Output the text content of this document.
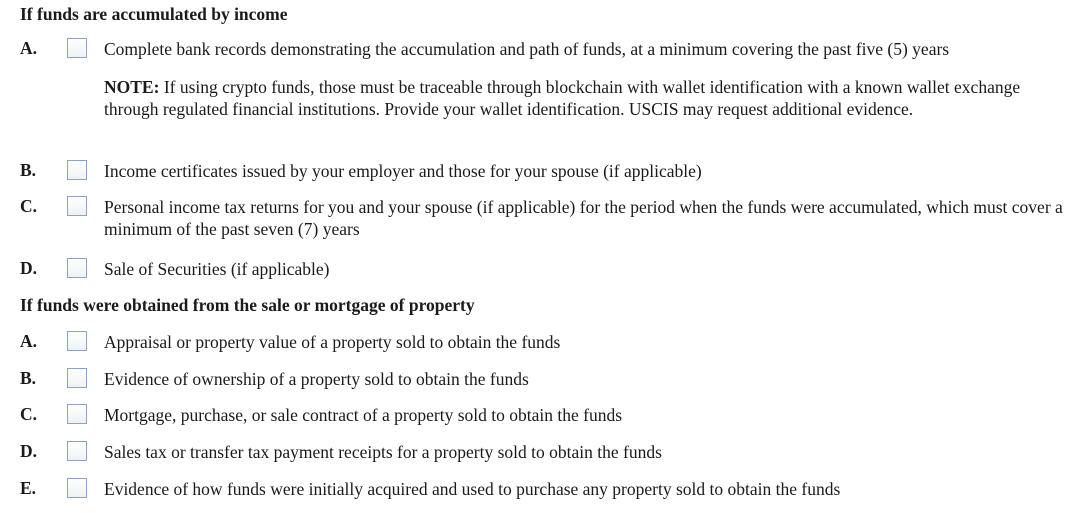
If funds are accumulated by income
A.	Complete bank records demonstrating the accumulation and path of funds, at a minimum covering the past five (5) years
NOTE: If using crypto funds, those must be traceable through blockchain with wallet identification with a known wallet exchange through regulated financial institutions. Provide your wallet identification. USCIS may request additional evidence.
B.	Income certificates issued by your employer and those for your spouse (if applicable)
C.	Personal income tax returns for you and your spouse (if applicable) for the period when the funds were accumulated, which must cover a minimum of the past seven (7) years
D.	Sale of Securities (if applicable)
If funds were obtained from the sale or mortgage of property
A.	Appraisal or property value of a property sold to obtain the funds
B.	Evidence of ownership of a property sold to obtain the funds
C.	Mortgage, purchase, or sale contract of a property sold to obtain the funds
D.	Sales tax or transfer tax payment receipts for a property sold to obtain the funds
E.	Evidence of how funds were initially acquired and used to purchase any property sold to obtain the funds
